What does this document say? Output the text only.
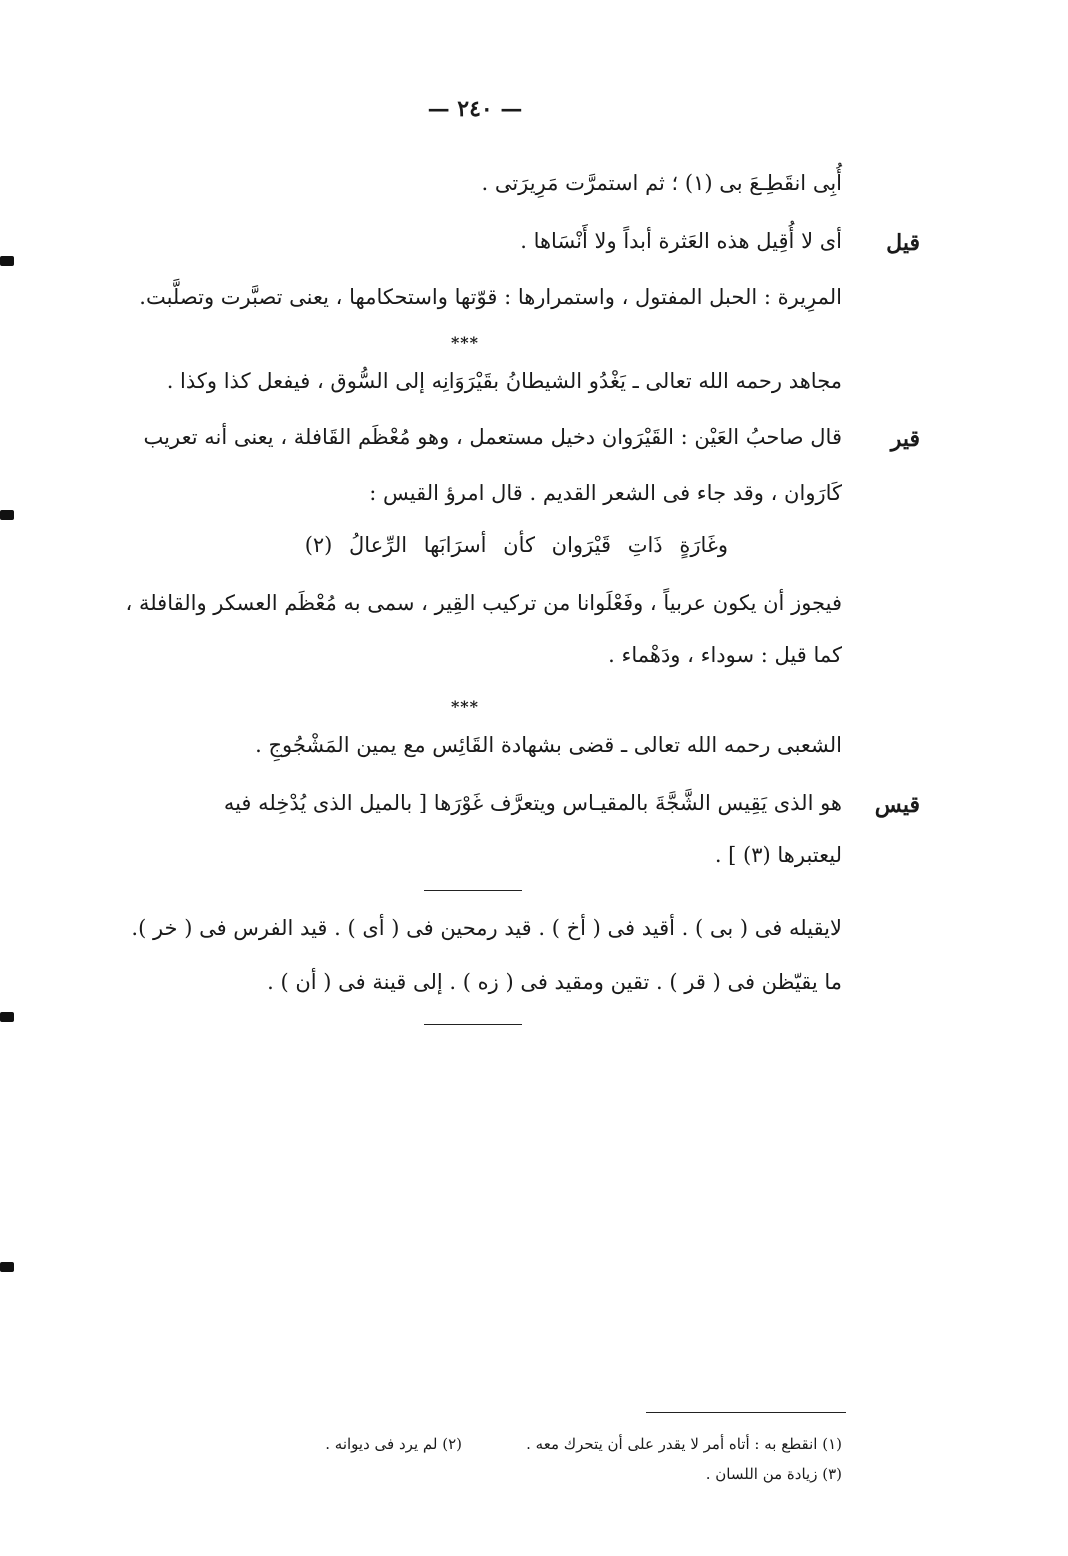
— ٢٤٠ —
أُبِى انقَطِـعَ بى (١) ؛ ثم استمرَّت مَرِيرَتى .
قيل
أى لا أُقِيل هذه العَثرة أبداً ولا أَنْسَاها .
المرِيرة : الحبل المفتول ، واستمرارها : قوّتها واستحكامها ، يعنى تصبَّرت وتصلَّبت.
***
مجاهد رحمه الله تعالى ـ يَغْدُو الشيطانُ بقَيْرَوَانِه إلى السُّوق ، فيفعل كذا وكذا .
قير
قال صاحبُ العَيْن : القَيْرَوان دخيل مستعمل ، وهو مُعْظَم القَافلة ، يعنى أنه تعريب
كَارَوان ، وقد جاء فى الشعر القديم . قال امرؤ القيس :
وغَارَةٍ ذَاتِ قَيْرَوان كأن أسرَابَها الرِّعالُ (٢)
فيجوز أن يكون عربياً ، وفَعْلَوانا من تركيب القِير ، سمى به مُعْظَم العسكر والقافلة ،
كما قيل : سوداء ، ودَهْماء .
***
الشعبى رحمه الله تعالى ـ قضى بشهادة القَائِس مع يمين المَشْجُوجِ .
قيس
هو الذى يَقِيس الشَّجَّةَ بالمقيـاس ويتعرَّف غَوْرَها [ بالميل الذى يُدْخِله فيه
ليعتبرها (٣) ] .
لايقيله فى ( بى ) . أقيد فى ( أخ ) . قيد رمحين فى ( أى ) . قيد الفرس فى ( خر ).
ما يقيّظن فى ( قر ) . تقين ومقيد فى ( زه ) . إلى قينة فى ( أن ) .
(١) انقطع به : أتاه أمر لا يقدر على أن يتحرك معه .
(٢) لم يرد فى ديوانه .
(٣) زيادة من اللسان .
